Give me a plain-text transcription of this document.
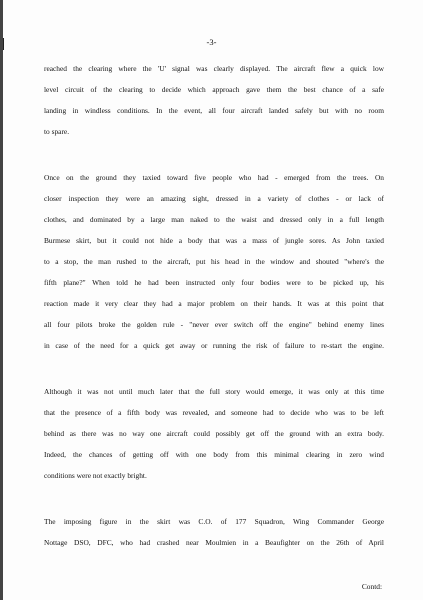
-3-

reached the clearing where the 'U' signal was clearly displayed. The aircraft flew a quick low
level circuit of the clearing to decide which approach gave them the best chance of a safe
landing in windless conditions. In the event, all four aircraft landed safely but with no room
to spare.

Once on the ground they taxied toward five people who had - emerged from the trees. On
closer inspection they were an amazing sight, dressed in a variety of clothes - or lack of
clothes, and dominated by a large man naked to the waist and dressed only in a full length
Burmese skirt, but it could not hide a body that was a mass of jungle sores. As John taxied
to a stop, the man rushed to the aircraft, put his head in the window and shouted "where's the
fifth plane?" When told he had been instructed only four bodies were to be picked up, his
reaction made it very clear they had a major problem on their hands. It was at this point that
all four pilots broke the golden rule - "never ever switch off the engine" behind enemy lines
in case of the need for a quick get away or running the risk of failure to re-start the engine.

Although it was not until much later that the full story would emerge, it was only at this time
that the presence of a fifth body was revealed, and someone had to decide who was to be left
behind as there was no way one aircraft could possibly get off the ground with an extra body.
Indeed, the chances of getting off with one body from this minimal clearing in zero wind
conditions were not exactly bright.

The imposing figure in the skirt was C.O. of 177 Squadron, Wing Commander George
Nottage DSO, DFC, who had crashed near Moulmien in a Beaufighter on the 26th of April

Contd:
